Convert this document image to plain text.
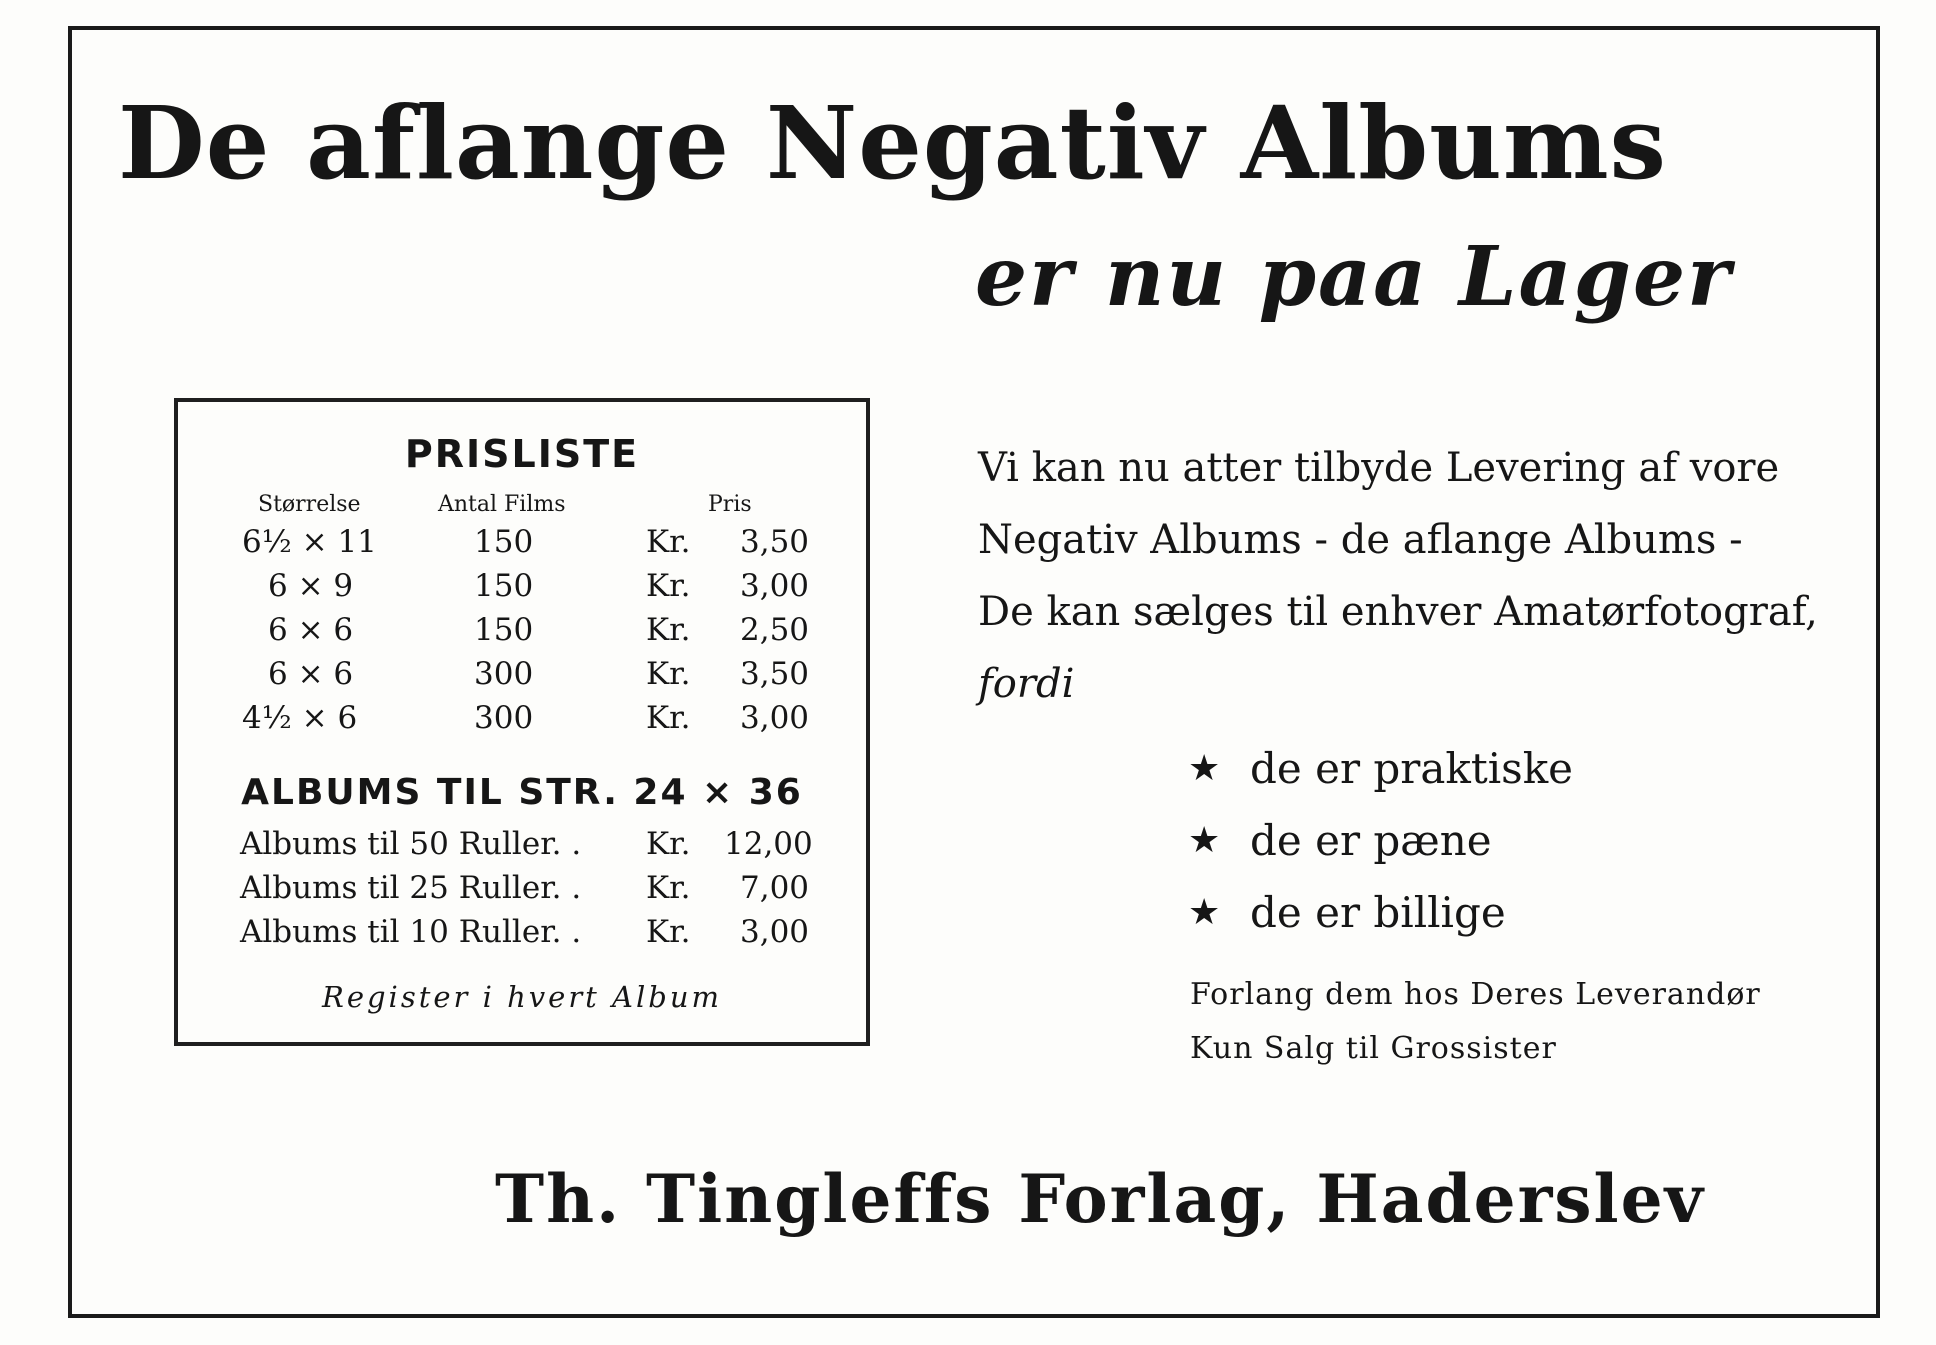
De aflange Negativ Albums
er nu paa Lager
PRISLISTE
Størrelse	Antal Films	Pris
6½ × 11	150	Kr. 3,50
6 × 9	150	Kr. 3,00
6 × 6	150	Kr. 2,50
6 × 6	300	Kr. 3,50
4½ × 6	300	Kr. 3,00
ALBUMS TIL STR. 24 × 36
Albums til 50 Ruller. . Kr. 12,00
Albums til 25 Ruller. . Kr. 7,00
Albums til 10 Ruller. . Kr. 3,00
Register i hvert Album
Vi kan nu atter tilbyde Levering af vore
Negativ Albums - de aflange Albums -
De kan sælges til enhver Amatørfotograf,
fordi
★ de er praktiske
★ de er pæne
★ de er billige
Forlang dem hos Deres Leverandør
Kun Salg til Grossister
Th. Tingleffs Forlag, Haderslev
